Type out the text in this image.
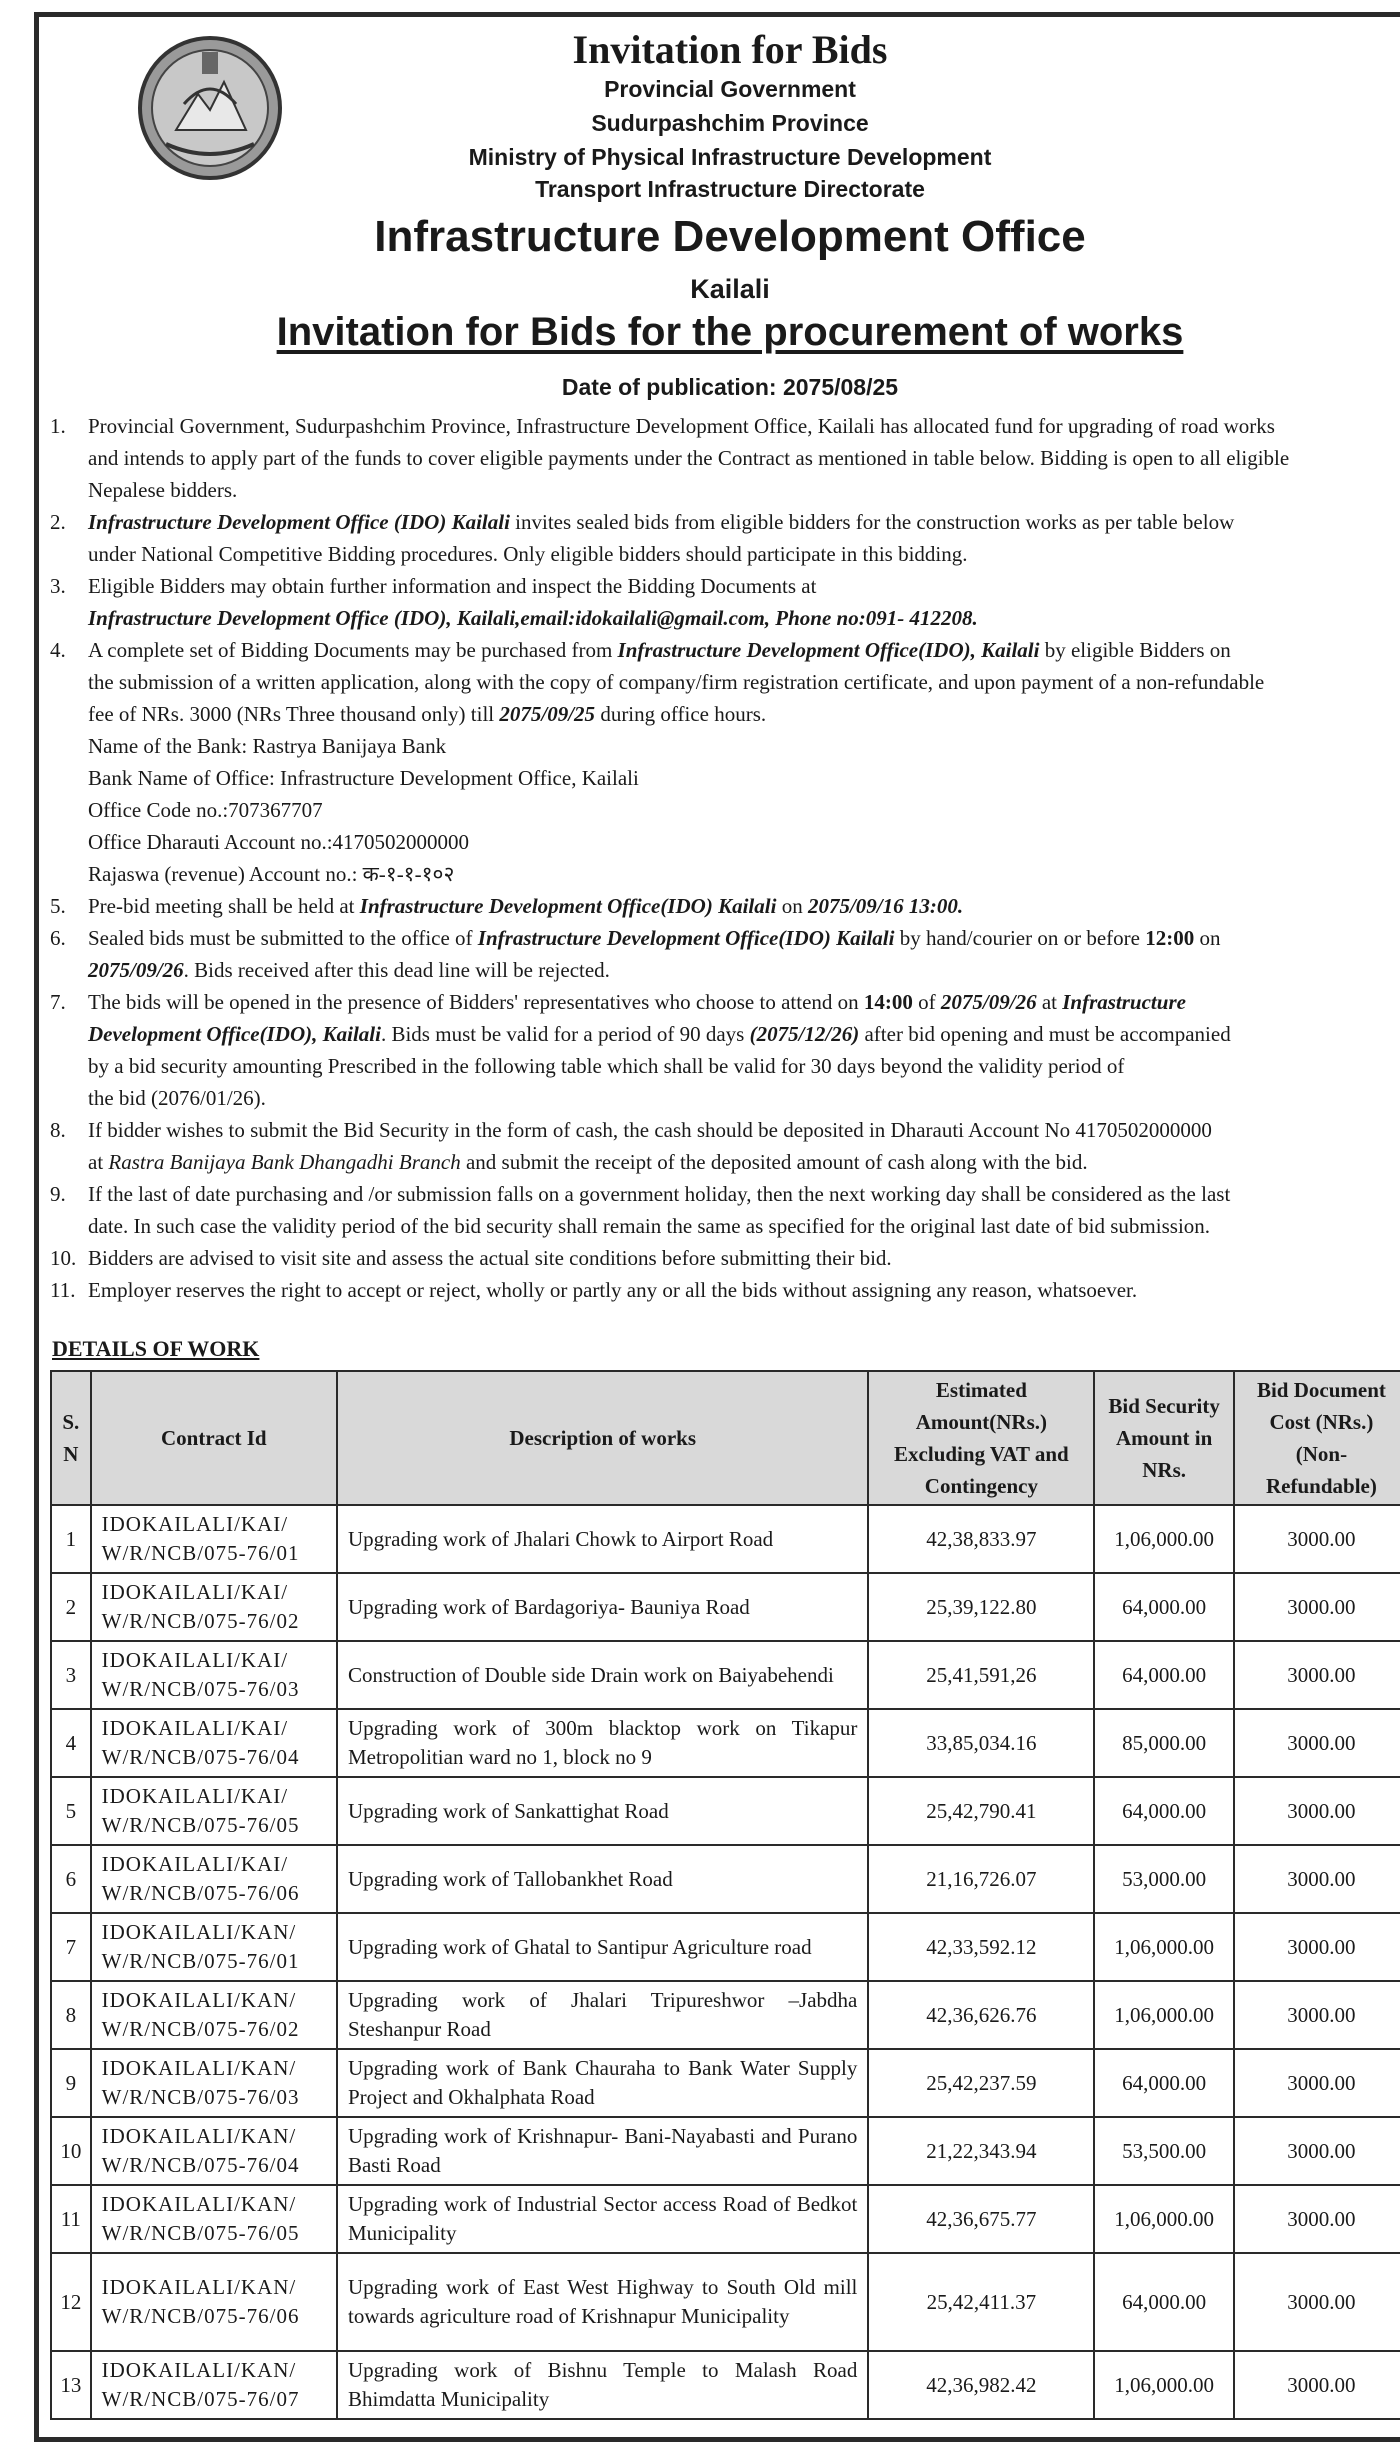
Invitation for Bids
Provincial Government
Sudurpashchim Province
Ministry of Physical Infrastructure Development
Transport Infrastructure Directorate
Infrastructure Development Office
Kailali
Invitation for Bids for the procurement of works
Date of publication: 2075/08/25
1. Provincial Government, Sudurpashchim Province, Infrastructure Development Office, Kailali has allocated fund for upgrading of road works
and intends to apply part of the funds to cover eligible payments under the Contract as mentioned in table below. Bidding is open to all eligible
Nepalese bidders.
2. Infrastructure Development Office (IDO) Kailali invites sealed bids from eligible bidders for the construction works as per table below
under National Competitive Bidding procedures. Only eligible bidders should participate in this bidding.
3. Eligible Bidders may obtain further information and inspect the Bidding Documents at
Infrastructure Development Office (IDO), Kailali,email:idokailali@gmail.com, Phone no:091- 412208.
4. A complete set of Bidding Documents may be purchased from Infrastructure Development Office(IDO), Kailali by eligible Bidders on
the submission of a written application, along with the copy of company/firm registration certificate, and upon payment of a non-refundable
fee of NRs. 3000 (NRs Three thousand only) till 2075/09/25 during office hours.
Name of the Bank: Rastrya Banijaya Bank
Bank Name of Office: Infrastructure Development Office, Kailali
Office Code no.:707367707
Office Dharauti Account no.:4170502000000
Rajaswa (revenue) Account no.: क-१-१-१०२
5. Pre-bid meeting shall be held at Infrastructure Development Office(IDO) Kailali on 2075/09/16 13:00.
6. Sealed bids must be submitted to the office of Infrastructure Development Office(IDO) Kailali by hand/courier on or before 12:00 on
2075/09/26. Bids received after this dead line will be rejected.
7. The bids will be opened in the presence of Bidders' representatives who choose to attend on 14:00 of 2075/09/26 at Infrastructure
Development Office(IDO), Kailali. Bids must be valid for a period of 90 days (2075/12/26) after bid opening and must be accompanied
by a bid security amounting Prescribed in the following table which shall be valid for 30 days beyond the validity period of
the bid (2076/01/26).
8. If bidder wishes to submit the Bid Security in the form of cash, the cash should be deposited in Dharauti Account No 4170502000000
at Rastra Banijaya Bank Dhangadhi Branch and submit the receipt of the deposited amount of cash along with the bid.
9. If the last of date purchasing and /or submission falls on a government holiday, then the next working day shall be considered as the last
date. In such case the validity period of the bid security shall remain the same as specified for the original last date of bid submission.
10. Bidders are advised to visit site and assess the actual site conditions before submitting their bid.
11. Employer reserves the right to accept or reject, wholly or partly any or all the bids without assigning any reason, whatsoever.
DETAILS OF WORK
S. N	Contract Id	Description of works	Estimated Amount(NRs.) Excluding VAT and Contingency	Bid Security Amount in NRs.	Bid Document Cost (NRs.) (Non-Refundable)
1	IDOKAILALI/KAI/ W/R/NCB/075-76/01	Upgrading work of Jhalari Chowk to Airport Road	42,38,833.97	1,06,000.00	3000.00
2	IDOKAILALI/KAI/ W/R/NCB/075-76/02	Upgrading work of Bardagoriya- Bauniya Road	25,39,122.80	64,000.00	3000.00
3	IDOKAILALI/KAI/ W/R/NCB/075-76/03	Construction of Double side Drain work on Baiyabehendi	25,41,591,26	64,000.00	3000.00
4	IDOKAILALI/KAI/ W/R/NCB/075-76/04	Upgrading work of 300m blacktop work on Tikapur Metropolitian ward no 1, block no 9	33,85,034.16	85,000.00	3000.00
5	IDOKAILALI/KAI/ W/R/NCB/075-76/05	Upgrading work of Sankattighat Road	25,42,790.41	64,000.00	3000.00
6	IDOKAILALI/KAI/ W/R/NCB/075-76/06	Upgrading work of Tallobankhet Road	21,16,726.07	53,000.00	3000.00
7	IDOKAILALI/KAN/ W/R/NCB/075-76/01	Upgrading work of Ghatal to Santipur Agriculture road	42,33,592.12	1,06,000.00	3000.00
8	IDOKAILALI/KAN/ W/R/NCB/075-76/02	Upgrading work of Jhalari Tripureshwor –Jabdha Steshanpur Road	42,36,626.76	1,06,000.00	3000.00
9	IDOKAILALI/KAN/ W/R/NCB/075-76/03	Upgrading work of Bank Chauraha to Bank Water Supply Project and Okhalphata Road	25,42,237.59	64,000.00	3000.00
10	IDOKAILALI/KAN/ W/R/NCB/075-76/04	Upgrading work of Krishnapur- Bani-Nayabasti and Purano Basti Road	21,22,343.94	53,500.00	3000.00
11	IDOKAILALI/KAN/ W/R/NCB/075-76/05	Upgrading work of Industrial Sector access Road of Bedkot Municipality	42,36,675.77	1,06,000.00	3000.00
12	IDOKAILALI/KAN/ W/R/NCB/075-76/06	Upgrading work of East West Highway to South Old mill towards agriculture road of Krishnapur Municipality	25,42,411.37	64,000.00	3000.00
13	IDOKAILALI/KAN/ W/R/NCB/075-76/07	Upgrading work of Bishnu Temple to Malash Road Bhimdatta Municipality	42,36,982.42	1,06,000.00	3000.00
